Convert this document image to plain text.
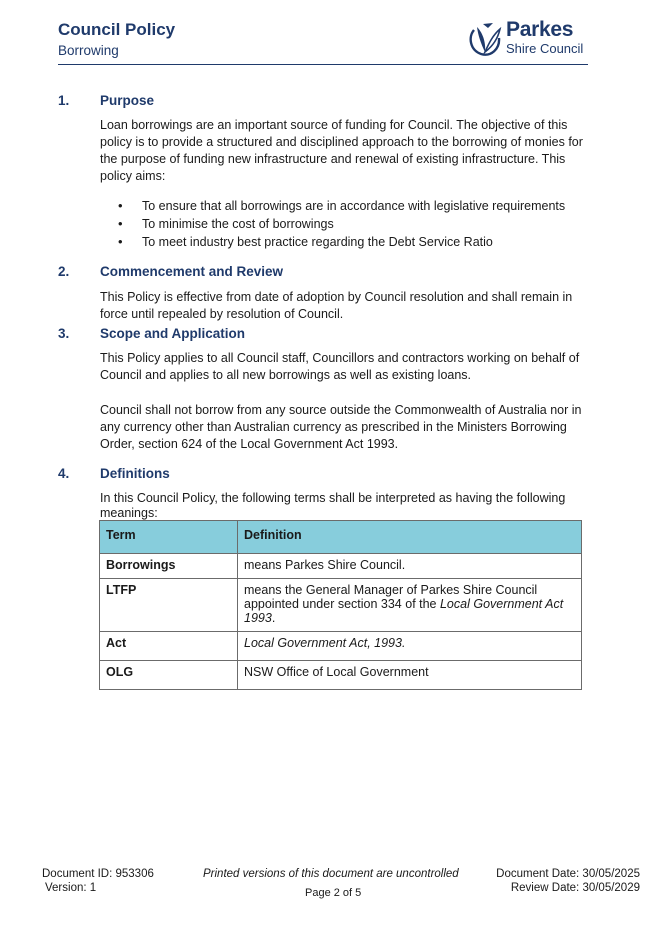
Council Policy
Borrowing
Parkes
Shire Council
1. Purpose
Loan borrowings are an important source of funding for Council. The objective of this policy is to provide a structured and disciplined approach to the borrowing of monies for the purpose of funding new infrastructure and renewal of existing infrastructure. This policy aims:
• To ensure that all borrowings are in accordance with legislative requirements
• To minimise the cost of borrowings
• To meet industry best practice regarding the Debt Service Ratio
2. Commencement and Review
This Policy is effective from date of adoption by Council resolution and shall remain in force until repealed by resolution of Council.
3. Scope and Application
This Policy applies to all Council staff, Councillors and contractors working on behalf of Council and applies to all new borrowings as well as existing loans.
Council shall not borrow from any source outside the Commonwealth of Australia nor in any currency other than Australian currency as prescribed in the Ministers Borrowing Order, section 624 of the Local Government Act 1993.
4. Definitions
In this Council Policy, the following terms shall be interpreted as having the following meanings:
Term	Definition
Borrowings	means Parkes Shire Council.
LTFP	means the General Manager of Parkes Shire Council appointed under section 334 of the Local Government Act 1993.
Act	Local Government Act, 1993.
OLG	NSW Office of Local Government
Document ID: 953306
Version: 1
Printed versions of this document are uncontrolled
Page 2 of 5
Document Date: 30/05/2025
Review Date: 30/05/2029
